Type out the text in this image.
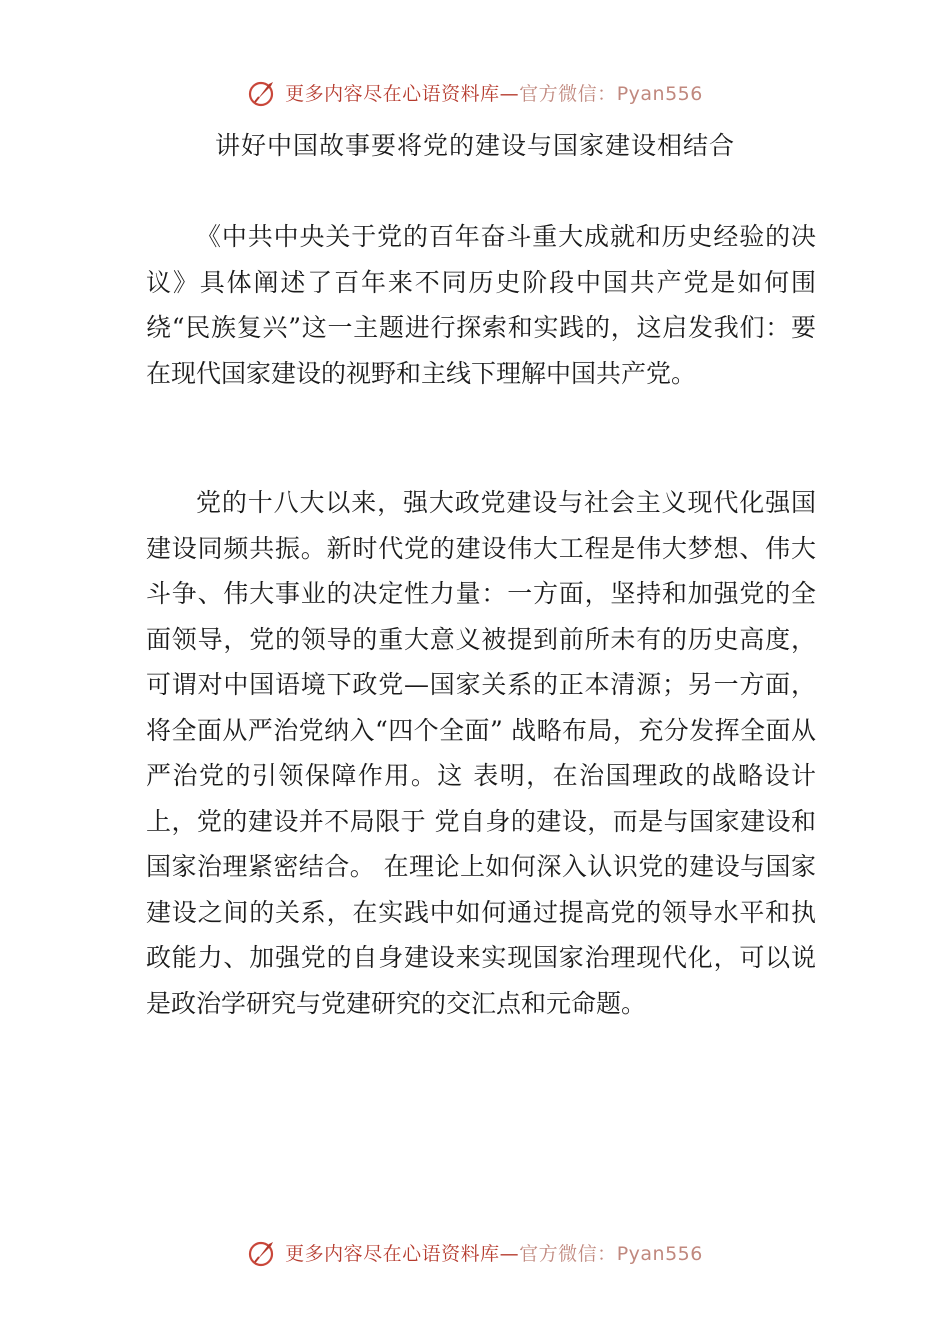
更多内容尽在心语资料库—官方微信：Pyan556
讲好中国故事要将党的建设与国家建设相结合

《中共中央关于党的百年奋斗重大成就和历史经验的决议》具体阐述了百年来不同历史阶段中国共产党是如何围绕“民族复兴”这一主题进行探索和实践的，这启发我们：要在现代国家建设的视野和主线下理解中国共产党。

党的十八大以来，强大政党建设与社会主义现代化强国建设同频共振。新时代党的建设伟大工程是伟大梦想、伟大斗争、伟大事业的决定性力量：一方面，坚持和加强党的全面领导，党的领导的重大意义被提到前所未有的历史高度，可谓对中国语境下政党—国家关系的正本清源；另一方面，将全面从严治党纳入“四个全面” 战略布局，充分发挥全面从严治党的引领保障作用。这 表明，在治国理政的战略设计上，党的建设并不局限于 党自身的建设，而是与国家建设和国家治理紧密结合。 在理论上如何深入认识党的建设与国家建设之间的关系，在实践中如何通过提高党的领导水平和执政能力、加强党的自身建设来实现国家治理现代化，可以说是政治学研究与党建研究的交汇点和元命题。

更多内容尽在心语资料库—官方微信：Pyan556
